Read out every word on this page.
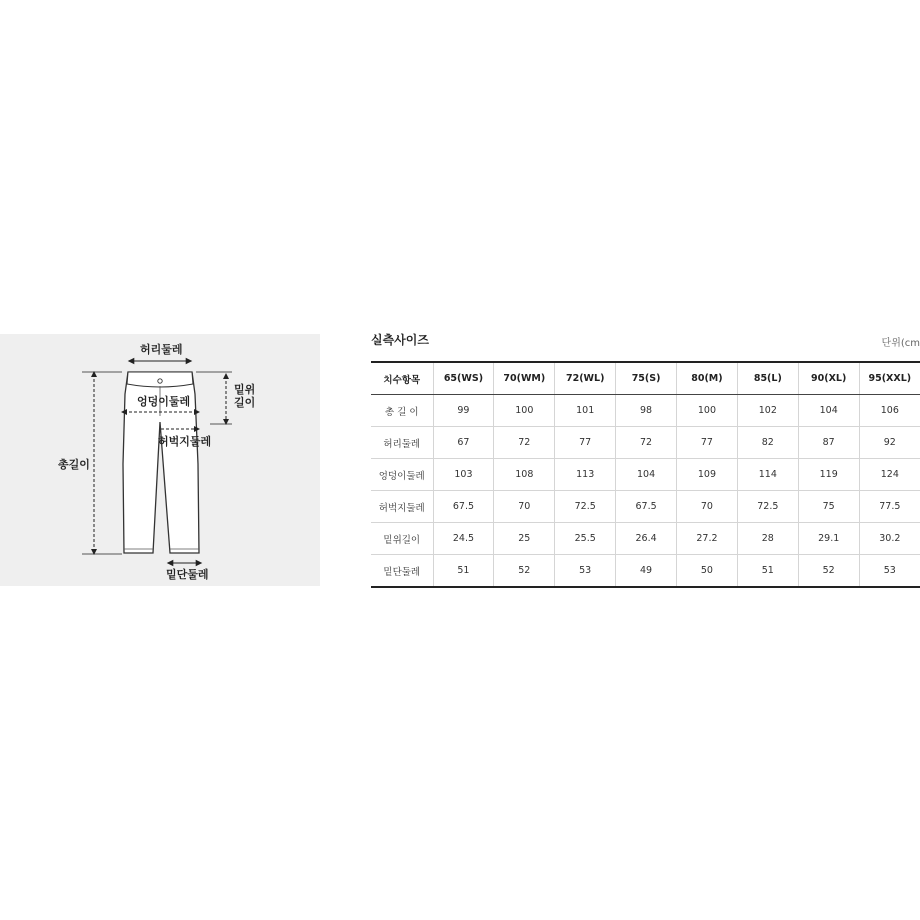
허리둘레
엉덩이둘레
허벅지둘레
총길이
밑위
길이
밑단둘레
실측사이즈	단위(cm
치수항목	65(WS)	70(WM)	72(WL)	75(S)	80(M)	85(L)	90(XL)	95(XXL)
총 길 이	99	100	101	98	100	102	104	106
허리둘레	67	72	77	72	77	82	87	92
엉덩이둘레	103	108	113	104	109	114	119	124
허벅지둘레	67.5	70	72.5	67.5	70	72.5	75	77.5
밑위길이	24.5	25	25.5	26.4	27.2	28	29.1	30.2
밑단둘레	51	52	53	49	50	51	52	53
